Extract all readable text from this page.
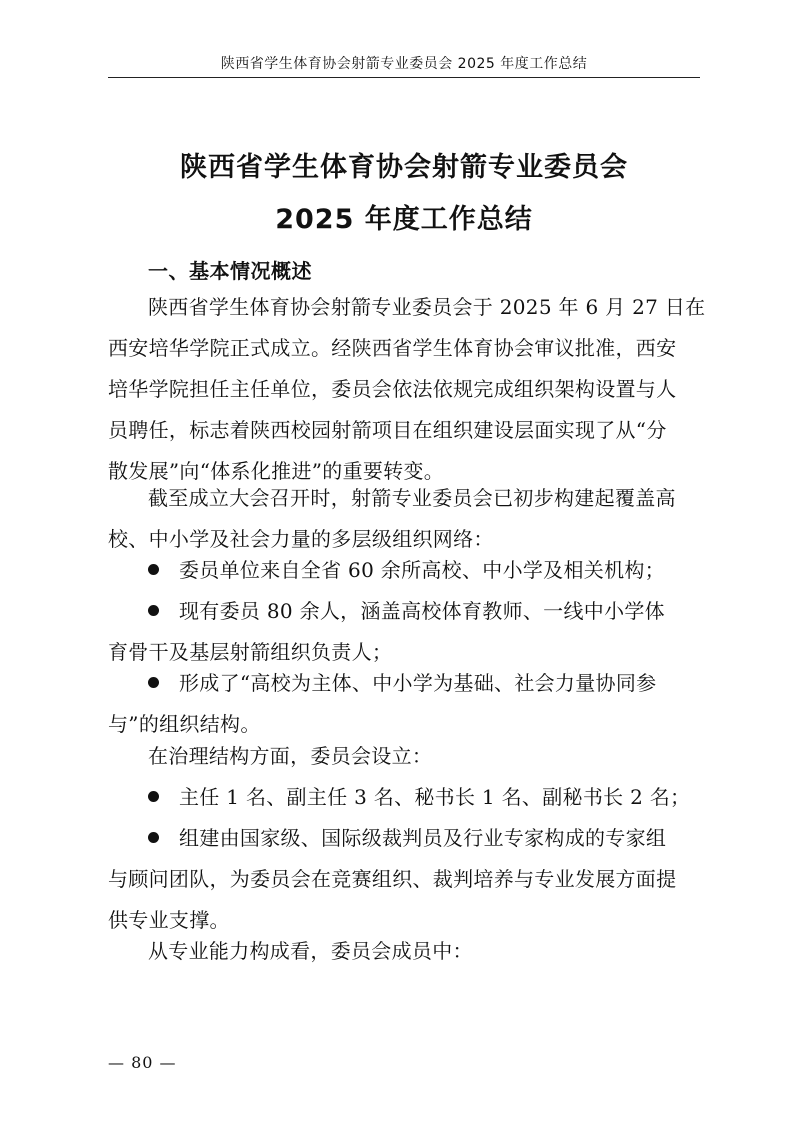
陕西省学生体育协会射箭专业委员会 2025 年度工作总结
陕西省学生体育协会射箭专业委员会
2025 年度工作总结
一、基本情况概述
陕西省学生体育协会射箭专业委员会于 2025 年 6 月 27 日在
西安培华学院正式成立。经陕西省学生体育协会审议批准，西安
培华学院担任主任单位，委员会依法依规完成组织架构设置与人
员聘任，标志着陕西校园射箭项目在组织建设层面实现了从“分
散发展”向“体系化推进”的重要转变。
截至成立大会召开时，射箭专业委员会已初步构建起覆盖高
校、中小学及社会力量的多层级组织网络：
委员单位来自全省 60 余所高校、中小学及相关机构；
现有委员 80 余人，涵盖高校体育教师、一线中小学体
育骨干及基层射箭组织负责人；
形成了“高校为主体、中小学为基础、社会力量协同参
与”的组织结构。
在治理结构方面，委员会设立：
主任 1 名、副主任 3 名、秘书长 1 名、副秘书长 2 名；
组建由国家级、国际级裁判员及行业专家构成的专家组
与顾问团队，为委员会在竞赛组织、裁判培养与专业发展方面提
供专业支撑。
从专业能力构成看，委员会成员中：
— 80 —
